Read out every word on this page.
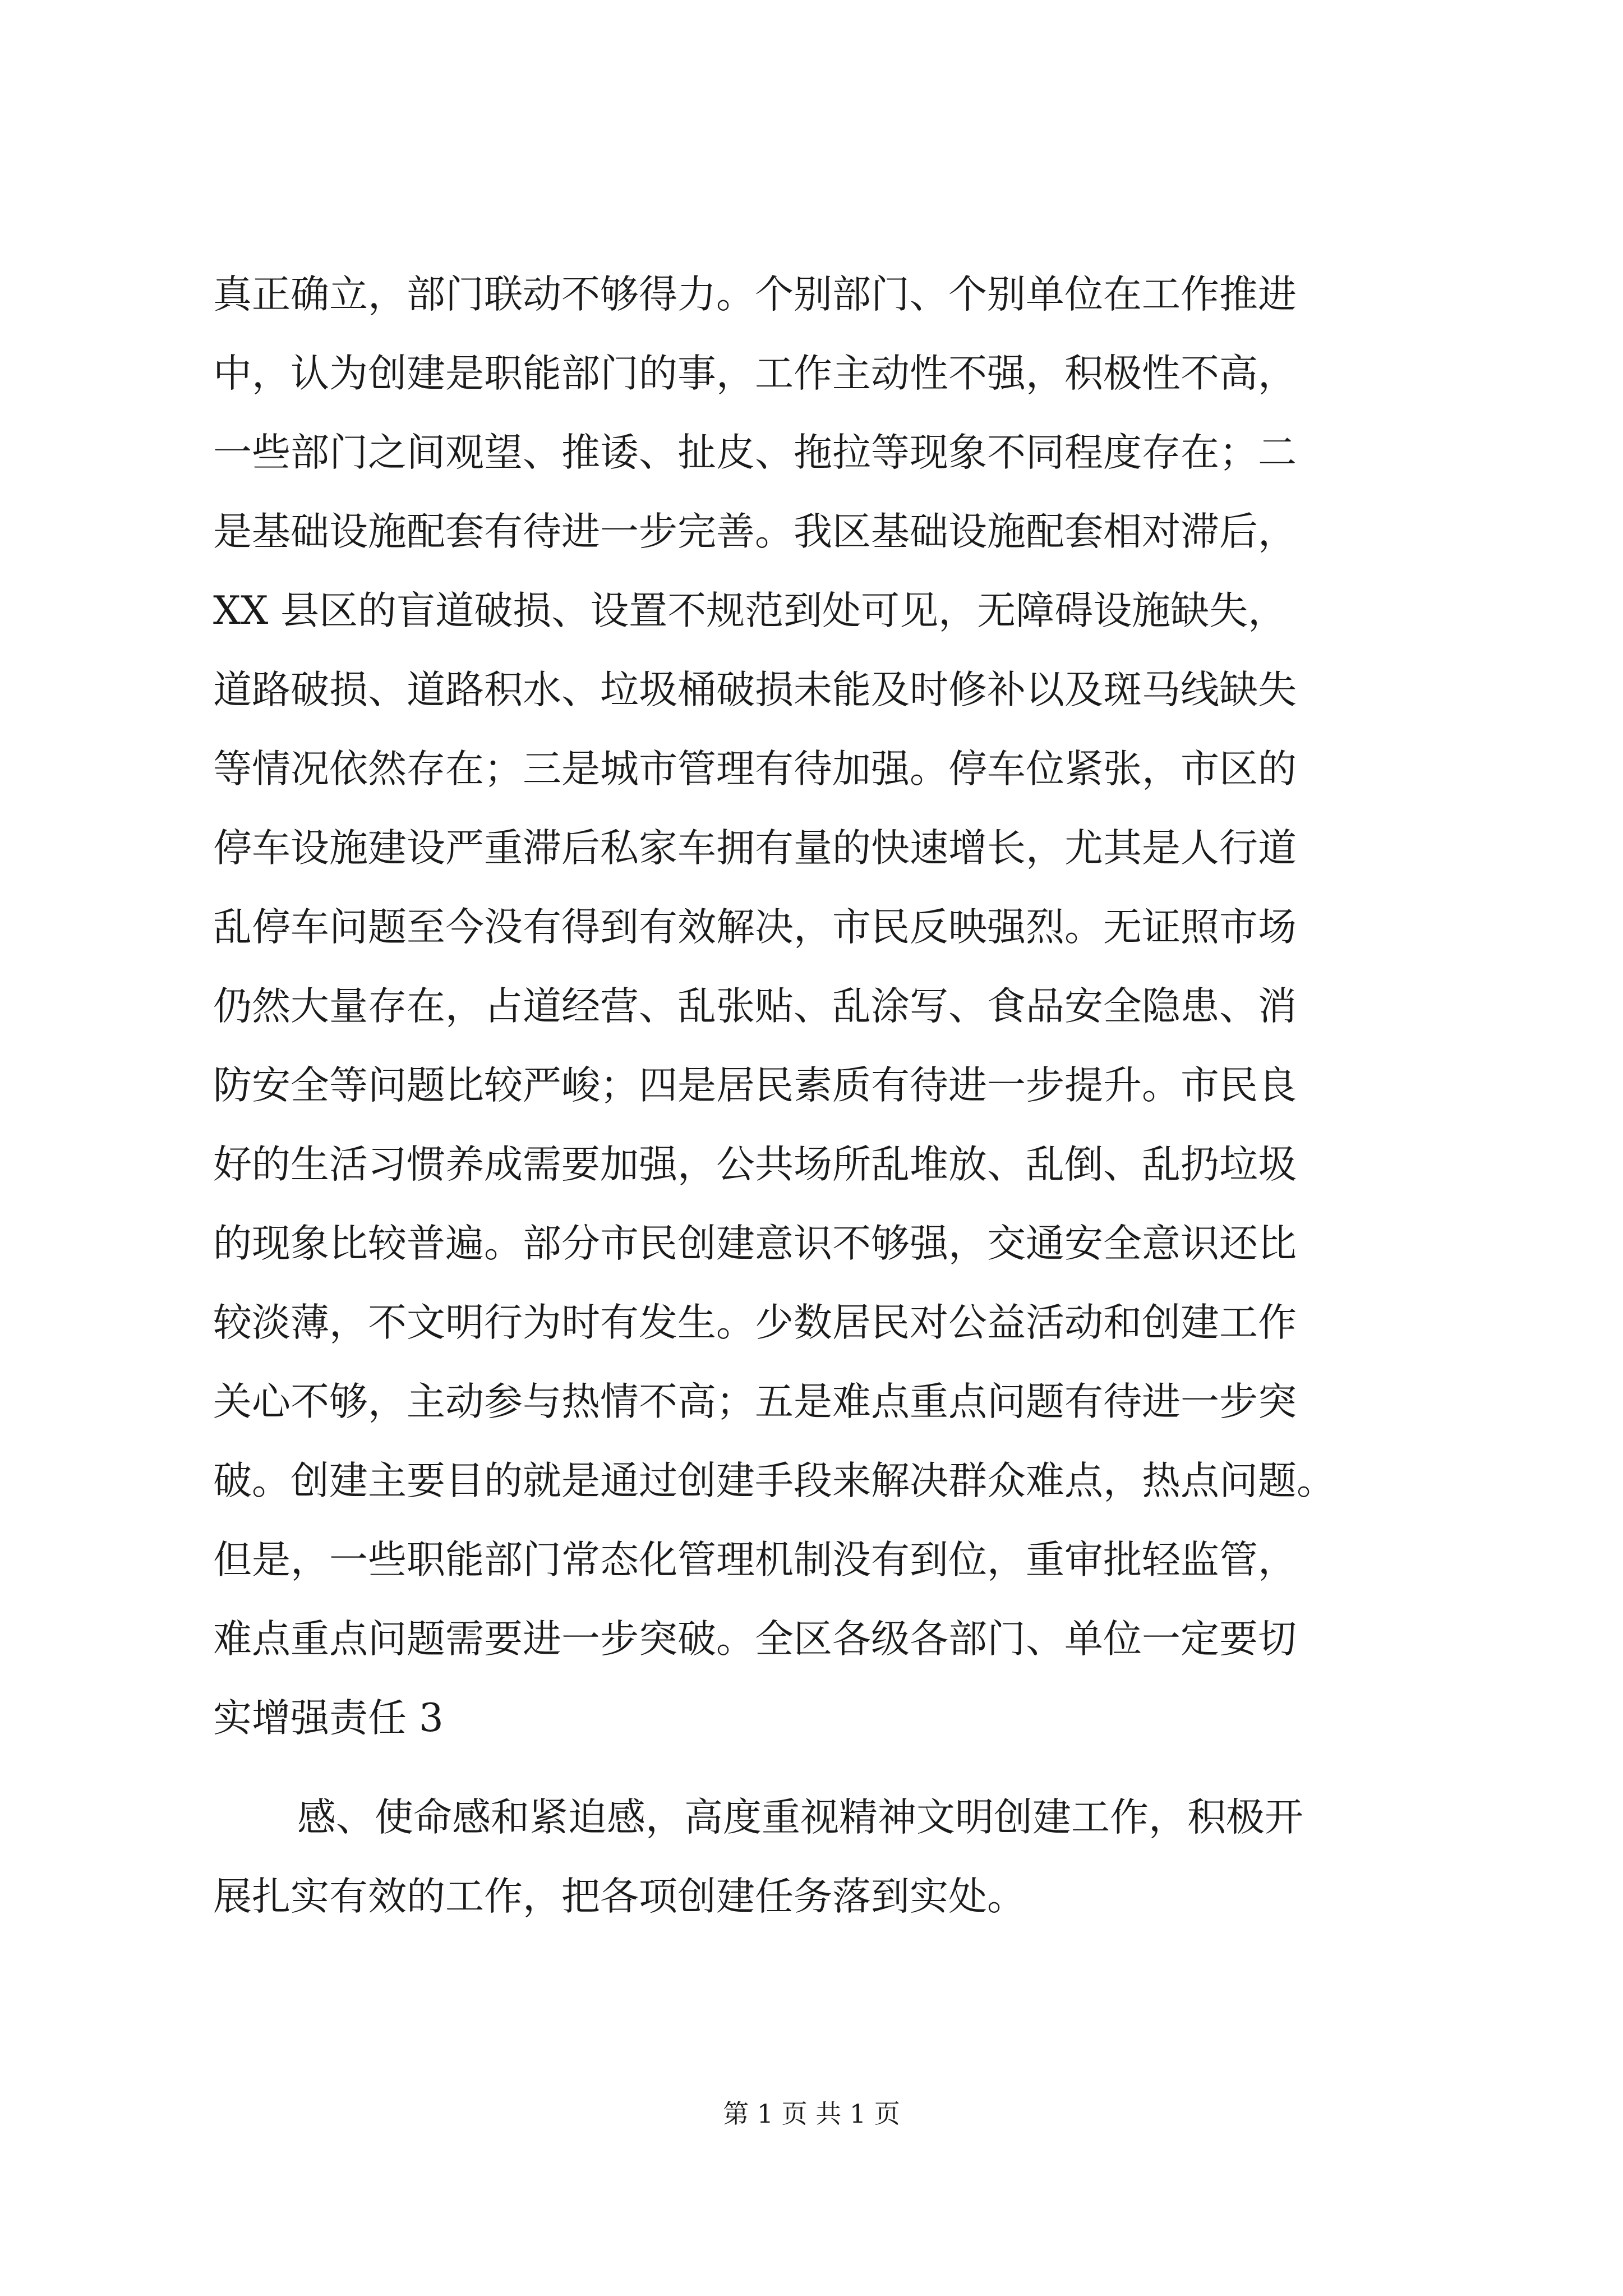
真正确立，部门联动不够得力。个别部门、个别单位在工作推进
中，认为创建是职能部门的事，工作主动性不强，积极性不高，
一些部门之间观望、推诿、扯皮、拖拉等现象不同程度存在；二
是基础设施配套有待进一步完善。我区基础设施配套相对滞后，
XX 县区的盲道破损、设置不规范到处可见，无障碍设施缺失，
道路破损、道路积水、垃圾桶破损未能及时修补以及斑马线缺失
等情况依然存在；三是城市管理有待加强。停车位紧张，市区的
停车设施建设严重滞后私家车拥有量的快速增长，尤其是人行道
乱停车问题至今没有得到有效解决，市民反映强烈。无证照市场
仍然大量存在，占道经营、乱张贴、乱涂写、食品安全隐患、消
防安全等问题比较严峻；四是居民素质有待进一步提升。市民良
好的生活习惯养成需要加强，公共场所乱堆放、乱倒、乱扔垃圾
的现象比较普遍。部分市民创建意识不够强，交通安全意识还比
较淡薄，不文明行为时有发生。少数居民对公益活动和创建工作
关心不够，主动参与热情不高；五是难点重点问题有待进一步突
破。创建主要目的就是通过创建手段来解决群众难点，热点问题。
但是，一些职能部门常态化管理机制没有到位，重审批轻监管，
难点重点问题需要进一步突破。全区各级各部门、单位一定要切
实增强责任 3
感、使命感和紧迫感，高度重视精神文明创建工作，积极开
展扎实有效的工作，把各项创建任务落到实处。
第 1 页 共 1 页
